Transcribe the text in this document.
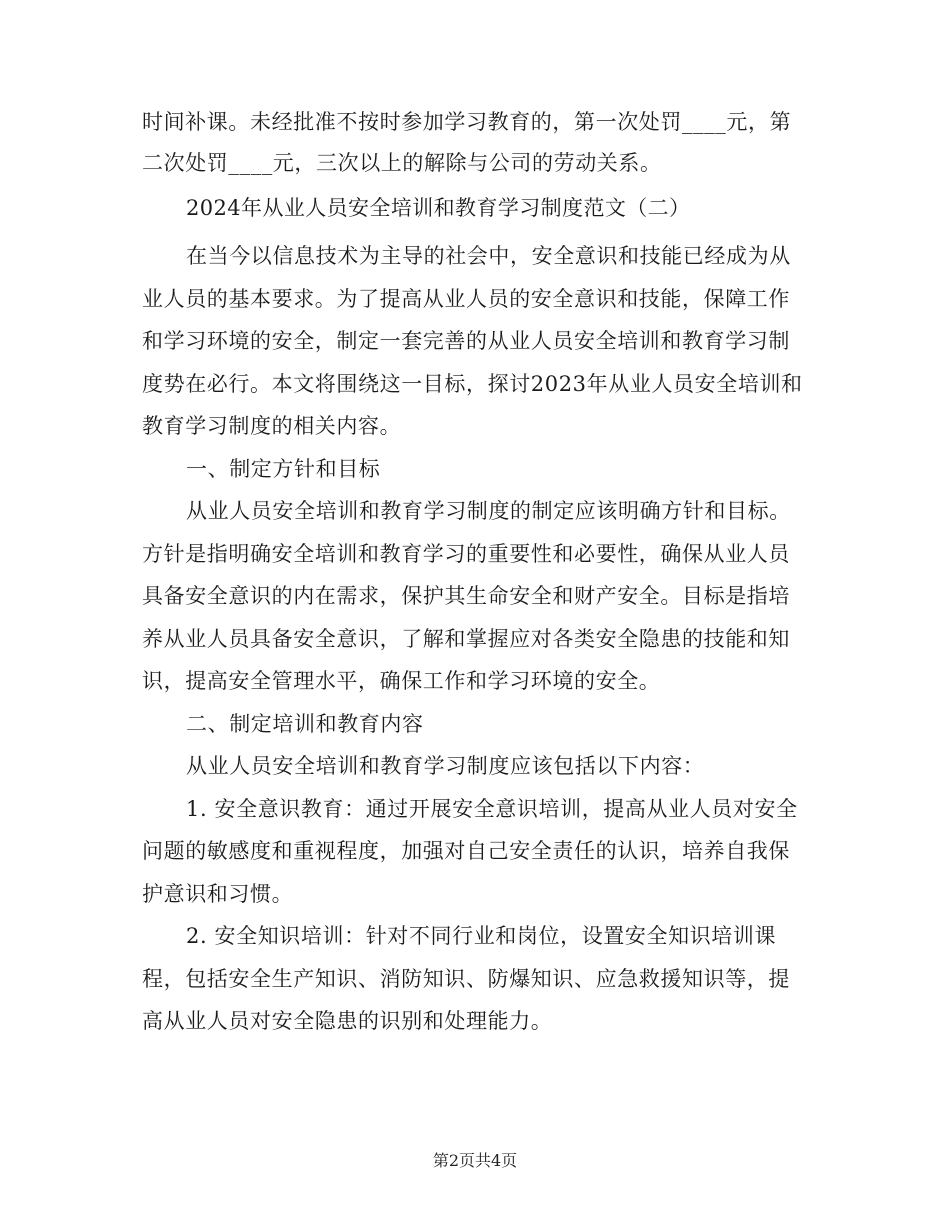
时间补课。未经批准不按时参加学习教育的，第一次处罚____元，第
二次处罚____元，三次以上的解除与公司的劳动关系。
2024年从业人员安全培训和教育学习制度范文（二）
在当今以信息技术为主导的社会中，安全意识和技能已经成为从
业人员的基本要求。为了提高从业人员的安全意识和技能，保障工作
和学习环境的安全，制定一套完善的从业人员安全培训和教育学习制
度势在必行。本文将围绕这一目标，探讨2023年从业人员安全培训和
教育学习制度的相关内容。
一、制定方针和目标
从业人员安全培训和教育学习制度的制定应该明确方针和目标。
方针是指明确安全培训和教育学习的重要性和必要性，确保从业人员
具备安全意识的内在需求，保护其生命安全和财产安全。目标是指培
养从业人员具备安全意识，了解和掌握应对各类安全隐患的技能和知
识，提高安全管理水平，确保工作和学习环境的安全。
二、制定培训和教育内容
从业人员安全培训和教育学习制度应该包括以下内容：
1. 安全意识教育：通过开展安全意识培训，提高从业人员对安全
问题的敏感度和重视程度，加强对自己安全责任的认识，培养自我保
护意识和习惯。
2. 安全知识培训：针对不同行业和岗位，设置安全知识培训课
程，包括安全生产知识、消防知识、防爆知识、应急救援知识等，提
高从业人员对安全隐患的识别和处理能力。
第2页共4页
